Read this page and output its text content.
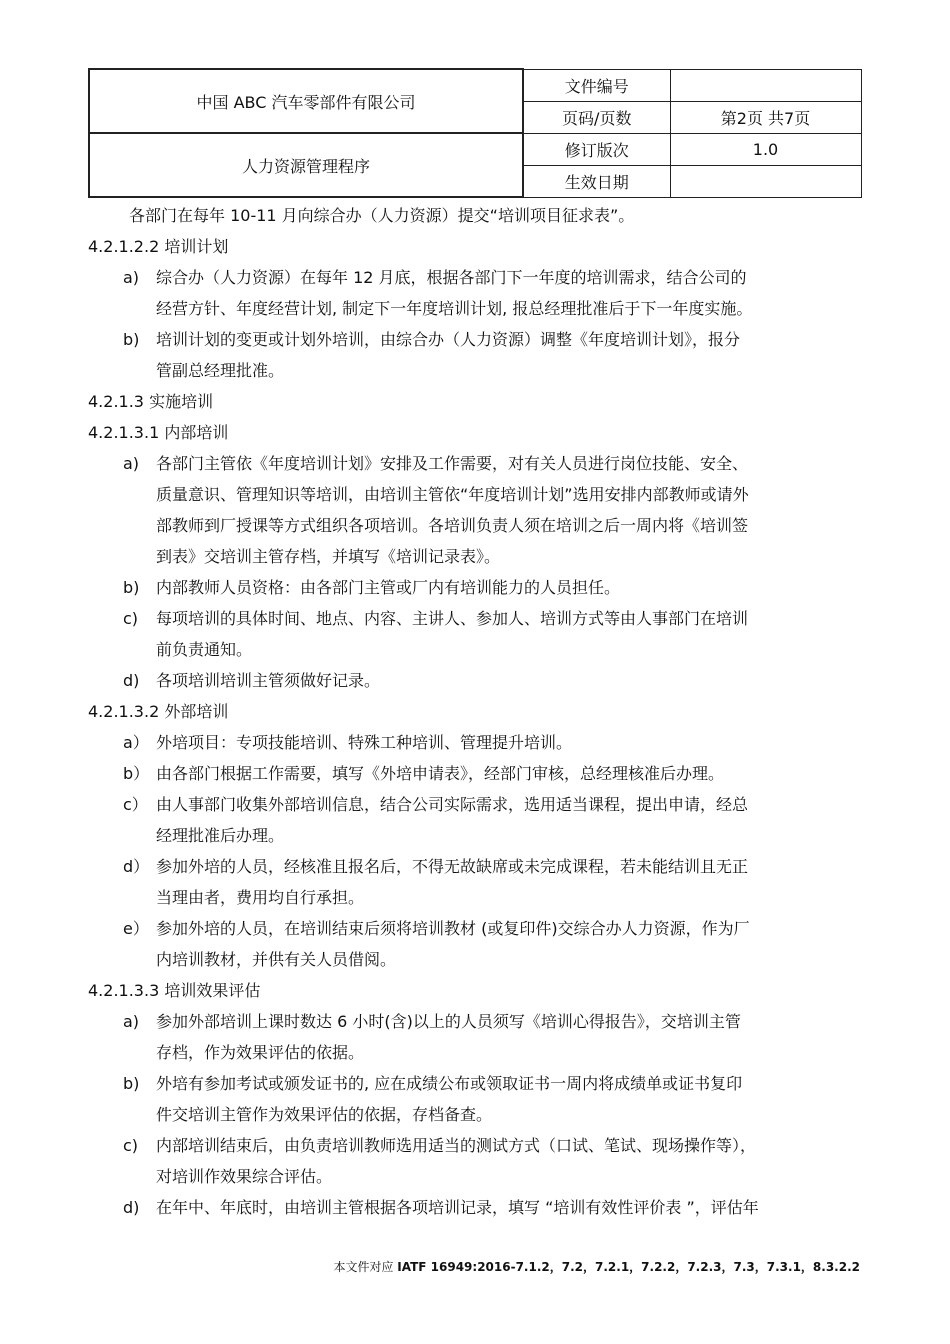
中国 ABC 汽车零部件有限公司	文件编号	
	页码/页数	第2页 共7页
人力资源管理程序	修订版次	1.0
	生效日期	
各部门在每年 10-11 月向综合办（人力资源）提交“培训项目征求表”。
4.2.1.2.2 培训计划
a) 综合办（人力资源）在每年 12 月底，根据各部门下一年度的培训需求，结合公司的
经营方针、年度经营计划, 制定下一年度培训计划, 报总经理批准后于下一年度实施。
b) 培训计划的变更或计划外培训，由综合办（人力资源）调整《年度培训计划》，报分
管副总经理批准。
4.2.1.3 实施培训
4.2.1.3.1 内部培训
a) 各部门主管依《年度培训计划》安排及工作需要，对有关人员进行岗位技能、安全、
质量意识、管理知识等培训，由培训主管依“年度培训计划”选用安排内部教师或请外
部教师到厂授课等方式组织各项培训。各培训负责人须在培训之后一周内将《培训签
到表》交培训主管存档，并填写《培训记录表》。
b) 内部教师人员资格：由各部门主管或厂内有培训能力的人员担任。
c) 每项培训的具体时间、地点、内容、主讲人、参加人、培训方式等由人事部门在培训
前负责通知。
d) 各项培训培训主管须做好记录。
4.2.1.3.2 外部培训
a） 外培项目：专项技能培训、特殊工种培训、管理提升培训。
b） 由各部门根据工作需要，填写《外培申请表》，经部门审核，总经理核准后办理。
c） 由人事部门收集外部培训信息，结合公司实际需求，选用适当课程，提出申请，经总
经理批准后办理。
d） 参加外培的人员，经核准且报名后，不得无故缺席或未完成课程，若未能结训且无正
当理由者，费用均自行承担。
e） 参加外培的人员，在培训结束后须将培训教材 (或复印件)交综合办人力资源，作为厂
内培训教材，并供有关人员借阅。
4.2.1.3.3 培训效果评估
a) 参加外部培训上课时数达 6 小时(含)以上的人员须写《培训心得报告》，交培训主管
存档，作为效果评估的依据。
b) 外培有参加考试或颁发证书的, 应在成绩公布或领取证书一周内将成绩单或证书复印
件交培训主管作为效果评估的依据，存档备查。
c) 内部培训结束后，由负责培训教师选用适当的测试方式（口试、笔试、现场操作等），
对培训作效果综合评估。
d) 在年中、年底时，由培训主管根据各项培训记录，填写 “培训有效性评价表 ”，评估年
本文件对应 IATF 16949:2016-7.1.2，7.2，7.2.1，7.2.2，7.2.3，7.3，7.3.1，8.3.2.2
